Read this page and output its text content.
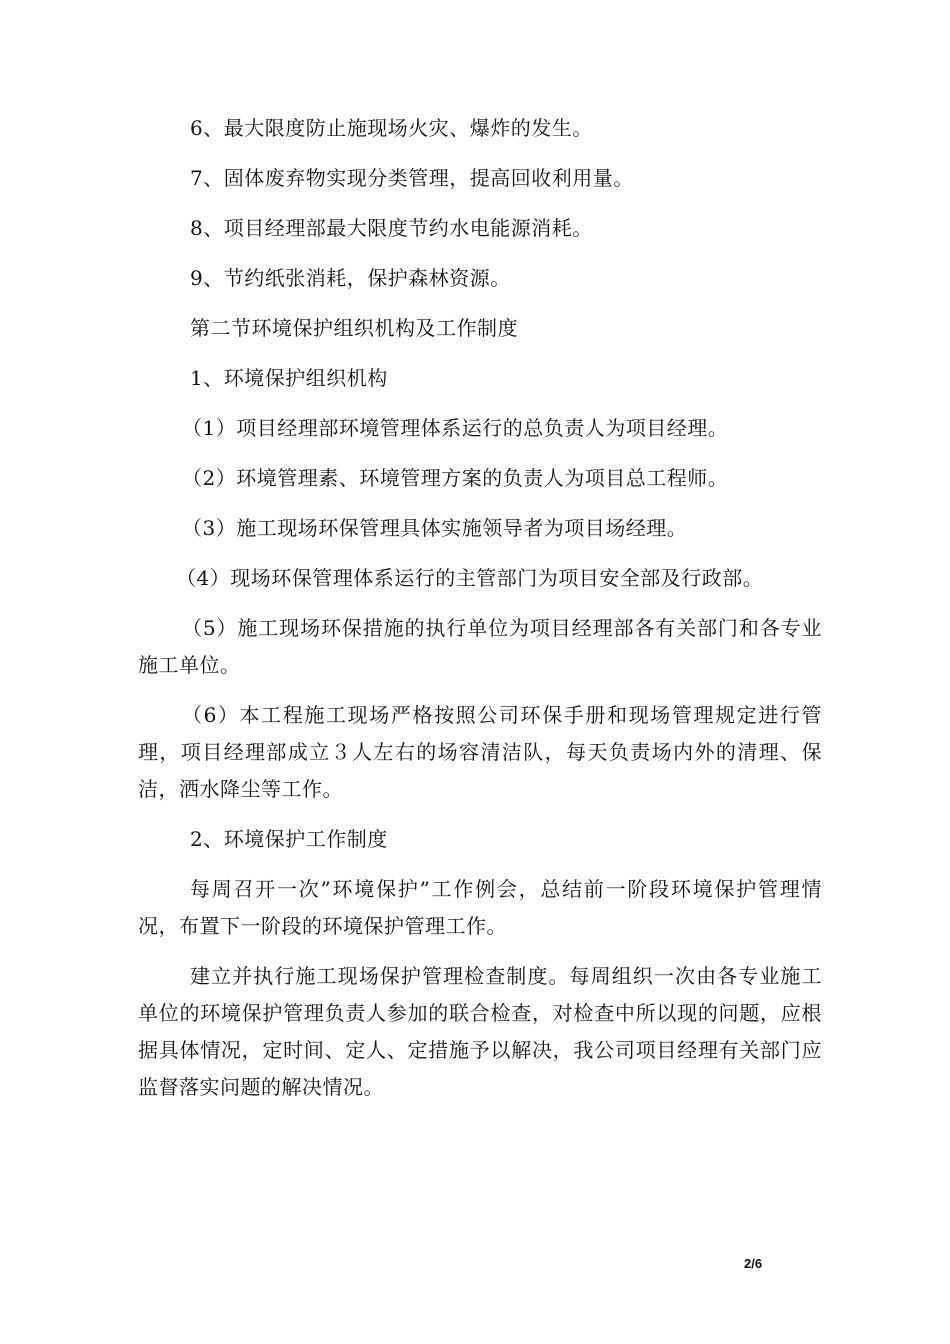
6、最大限度防止施现场火灾、爆炸的发生。

7、固体废弃物实现分类管理，提高回收利用量。

8、项目经理部最大限度节约水电能源消耗。

9、节约纸张消耗，保护森林资源。

第二节环境保护组织机构及工作制度

1、环境保护组织机构

（1）项目经理部环境管理体系运行的总负责人为项目经理。

（2）环境管理素、环境管理方案的负责人为项目总工程师。

（3）施工现场环保管理具体实施领导者为项目场经理。

（4）现场环保管理体系运行的主管部门为项目安全部及行政部。

（5）施工现场环保措施的执行单位为项目经理部各有关部门和各专业施工单位。

（6）本工程施工现场严格按照公司环保手册和现场管理规定进行管理，项目经理部成立３人左右的场容清洁队，每天负责场内外的清理、保洁，洒水降尘等工作。

2、环境保护工作制度

每周召开一次”环境保护”工作例会，总结前一阶段环境保护管理情况，布置下一阶段的环境保护管理工作。

建立并执行施工现场保护管理检查制度。每周组织一次由各专业施工单位的环境保护管理负责人参加的联合检查，对检查中所以现的问题，应根据具体情况，定时间、定人、定措施予以解决，我公司项目经理有关部门应监督落实问题的解决情况。

2/6
